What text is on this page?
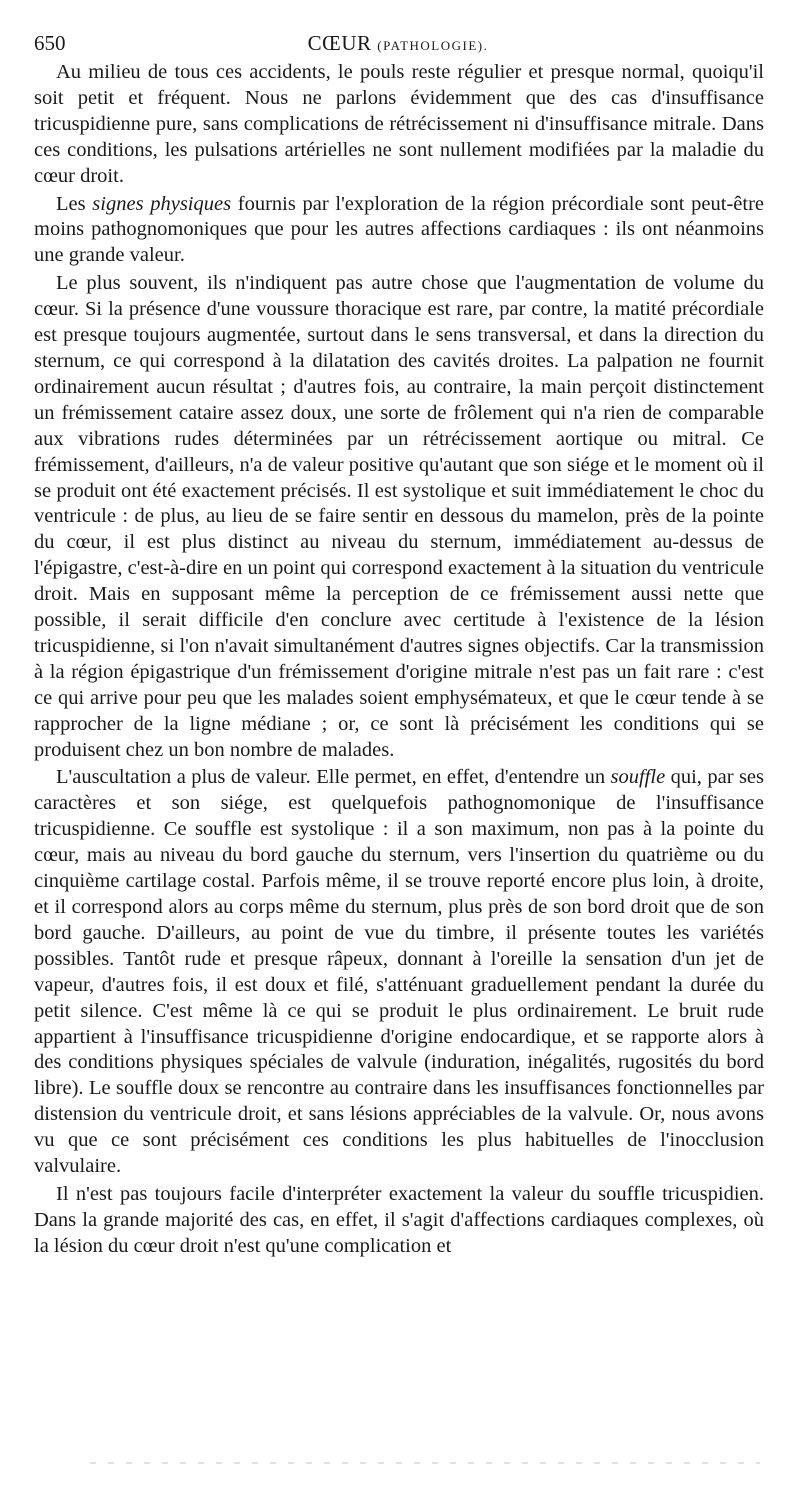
650	CŒUR (PATHOLOGIE).

Au milieu de tous ces accidents, le pouls reste régulier et presque normal, quoiqu'il soit petit et fréquent. Nous ne parlons évidemment que des cas d'insuffisance tricuspidienne pure, sans complications de rétrécissement ni d'insuffisance mitrale. Dans ces conditions, les pulsations artérielles ne sont nullement modifiées par la maladie du cœur droit.

Les signes physiques fournis par l'exploration de la région précordiale sont peut-être moins pathognomoniques que pour les autres affections cardiaques : ils ont néanmoins une grande valeur.

Le plus souvent, ils n'indiquent pas autre chose que l'augmentation de volume du cœur. Si la présence d'une voussure thoracique est rare, par contre, la matité précordiale est presque toujours augmentée, surtout dans le sens transversal, et dans la direction du sternum, ce qui correspond à la dilatation des cavités droites. La palpation ne fournit ordinairement aucun résultat ; d'autres fois, au contraire, la main perçoit distinctement un frémissement cataire assez doux, une sorte de frôlement qui n'a rien de comparable aux vibrations rudes déterminées par un rétrécissement aortique ou mitral. Ce frémissement, d'ailleurs, n'a de valeur positive qu'autant que son siége et le moment où il se produit ont été exactement précisés. Il est systolique et suit immédiatement le choc du ventricule : de plus, au lieu de se faire sentir en dessous du mamelon, près de la pointe du cœur, il est plus distinct au niveau du sternum, immédiatement au-dessus de l'épigastre, c'est-à-dire en un point qui correspond exactement à la situation du ventricule droit. Mais en supposant même la perception de ce frémissement aussi nette que possible, il serait difficile d'en conclure avec certitude à l'existence de la lésion tricuspidienne, si l'on n'avait simultanément d'autres signes objectifs. Car la transmission à la région épigastrique d'un frémissement d'origine mitrale n'est pas un fait rare : c'est ce qui arrive pour peu que les malades soient emphysémateux, et que le cœur tende à se rapprocher de la ligne médiane ; or, ce sont là précisément les conditions qui se produisent chez un bon nombre de malades.

L'auscultation a plus de valeur. Elle permet, en effet, d'entendre un souffle qui, par ses caractères et son siége, est quelquefois pathognomonique de l'insuffisance tricuspidienne. Ce souffle est systolique : il a son maximum, non pas à la pointe du cœur, mais au niveau du bord gauche du sternum, vers l'insertion du quatrième ou du cinquième cartilage costal. Parfois même, il se trouve reporté encore plus loin, à droite, et il correspond alors au corps même du sternum, plus près de son bord droit que de son bord gauche. D'ailleurs, au point de vue du timbre, il présente toutes les variétés possibles. Tantôt rude et presque râpeux, donnant à l'oreille la sensation d'un jet de vapeur, d'autres fois, il est doux et filé, s'atténuant graduellement pendant la durée du petit silence. C'est même là ce qui se produit le plus ordinairement. Le bruit rude appartient à l'insuffisance tricuspidienne d'origine endocardique, et se rapporte alors à des conditions physiques spéciales de valvule (induration, inégalités, rugosités du bord libre). Le souffle doux se rencontre au contraire dans les insuffisances fonctionnelles par distension du ventricule droit, et sans lésions appréciables de la valvule. Or, nous avons vu que ce sont précisément ces conditions les plus habituelles de l'inocclusion valvulaire.

Il n'est pas toujours facile d'interpréter exactement la valeur du souffle tricuspidien. Dans la grande majorité des cas, en effet, il s'agit d'affections cardiaques complexes, où la lésion du cœur droit n'est qu'une complication et
